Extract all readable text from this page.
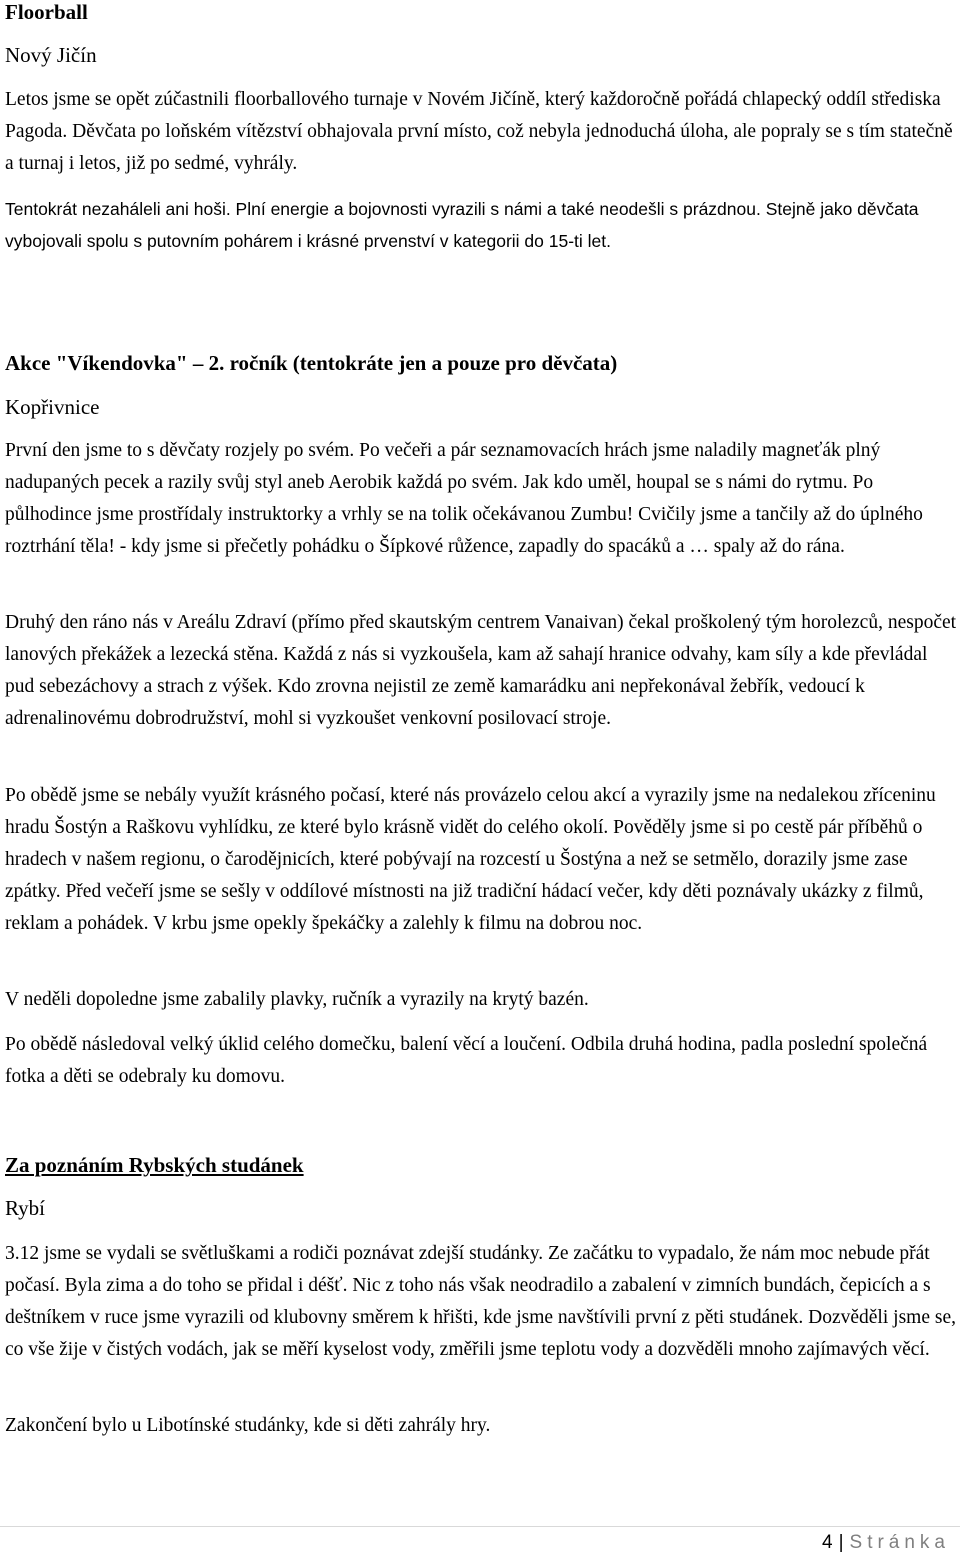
Floorball
Nový Jičín

Letos jsme se opět zúčastnili floorballového turnaje v Novém Jičíně, který každoročně pořádá chlapecký oddíl střediska Pagoda. Děvčata po loňském vítězství obhajovala první místo, což nebyla jednoduchá úloha, ale popraly se s tím statečně a turnaj i letos, již po sedmé, vyhrály.

Tentokrát nezaháleli ani hoši. Plní energie a bojovnosti vyrazili s námi a také neodešli s prázdnou. Stejně jako děvčata vybojovali spolu s putovním pohárem i krásné prvenství v kategorii do 15-ti let.

Akce "Víkendovka" – 2. ročník (tentokráte jen a pouze pro děvčata)
Kopřivnice

První den jsme to s děvčaty rozjely po svém. Po večeři a pár seznamovacích hrách jsme naladily magneťák plný nadupaných pecek a razily svůj styl aneb Aerobik každá po svém. Jak kdo uměl, houpal se s námi do rytmu. Po půlhodince jsme prostřídaly instruktorky a vrhly se na tolik očekávanou Zumbu! Cvičily jsme a tančily až do úplného roztrhání těla! - kdy jsme si přečetly pohádku o Šípkové růžence, zapadly do spacáků a … spaly až do rána.

Druhý den ráno nás v Areálu Zdraví (přímo před skautským centrem Vanaivan) čekal proškolený tým horolezců, nespočet lanových překážek a lezecká stěna. Každá z nás si vyzkoušela, kam až sahají hranice odvahy, kam síly a kde převládal pud sebezáchovy a strach z výšek. Kdo zrovna nejistil ze země kamarádku ani nepřekonával žebřík, vedoucí k adrenalinovému dobrodružství, mohl si vyzkoušet venkovní posilovací stroje.

Po obědě jsme se nebály využít krásného počasí, které nás provázelo celou akcí a vyrazily jsme na nedalekou zříceninu hradu Šostýn a Raškovu vyhlídku, ze které bylo krásně vidět do celého okolí. Pověděly jsme si po cestě pár příběhů o hradech v našem regionu, o čarodějnicích, které pobývají na rozcestí u Šostýna a než se setmělo, dorazily jsme zase zpátky. Před večeří jsme se sešly v oddílové místnosti na již tradiční hádací večer, kdy děti poznávaly ukázky z filmů, reklam a pohádek. V krbu jsme opekly špekáčky a zalehly k filmu na dobrou noc.

V neděli dopoledne jsme zabalily plavky, ručník a vyrazily na krytý bazén.

Po obědě následoval velký úklid celého domečku, balení věcí a loučení. Odbila druhá hodina, padla poslední společná fotka a děti se odebraly ku domovu.

Za poznáním Rybských studánek
Rybí

3.12 jsme se vydali se světluškami a rodiči poznávat zdejší studánky. Ze začátku to vypadalo, že nám moc nebude přát počasí. Byla zima a do toho se přidal i déšť. Nic z toho nás však neodradilo a zabalení v zimních bundách, čepicích a s deštníkem v ruce jsme vyrazili od klubovny směrem k hřišti, kde jsme navštívili první z pěti studánek. Dozvěděli jsme se, co vše žije v čistých vodách, jak se měří kyselost vody, změřili jsme teplotu vody a dozvěděli mnoho zajímavých věcí.

Zakončení bylo u Libotínské studánky, kde si děti zahrály hry.

4 | Stránka
